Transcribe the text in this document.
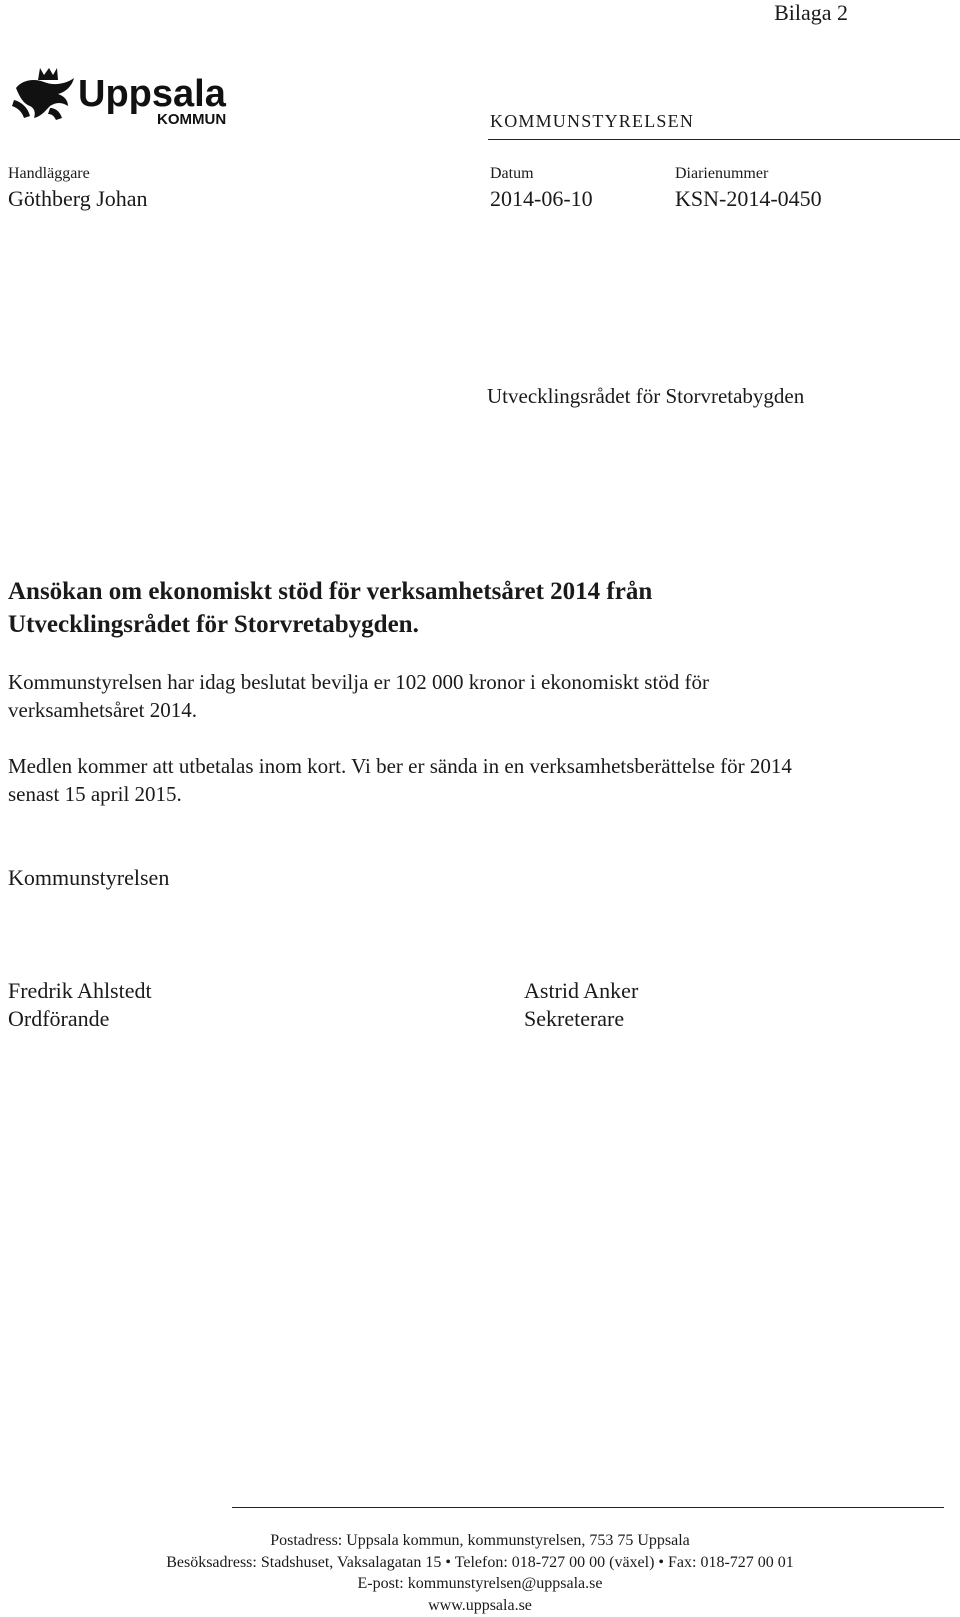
Bilaga 2
Uppsala
KOMMUN	KOMMUNSTYRELSEN
Handläggare
Göthberg Johan
Datum
2014-06-10
Diarienummer
KSN-2014-0450
Utvecklingsrådet för Storvretabygden
Ansökan om ekonomiskt stöd för verksamhetsåret 2014 från
Utvecklingsrådet för Storvretabygden.
Kommunstyrelsen har idag beslutat bevilja er 102 000 kronor i ekonomiskt stöd för
verksamhetsåret 2014.
Medlen kommer att utbetalas inom kort. Vi ber er sända in en verksamhetsberättelse för 2014
senast 15 april 2015.
Kommunstyrelsen
Fredrik Ahlstedt
Ordförande
Astrid Anker
Sekreterare
Postadress: Uppsala kommun, kommunstyrelsen, 753 75 Uppsala
Besöksadress: Stadshuset, Vaksalagatan 15 • Telefon: 018-727 00 00 (växel) • Fax: 018-727 00 01
E-post: kommunstyrelsen@uppsala.se
www.uppsala.se
